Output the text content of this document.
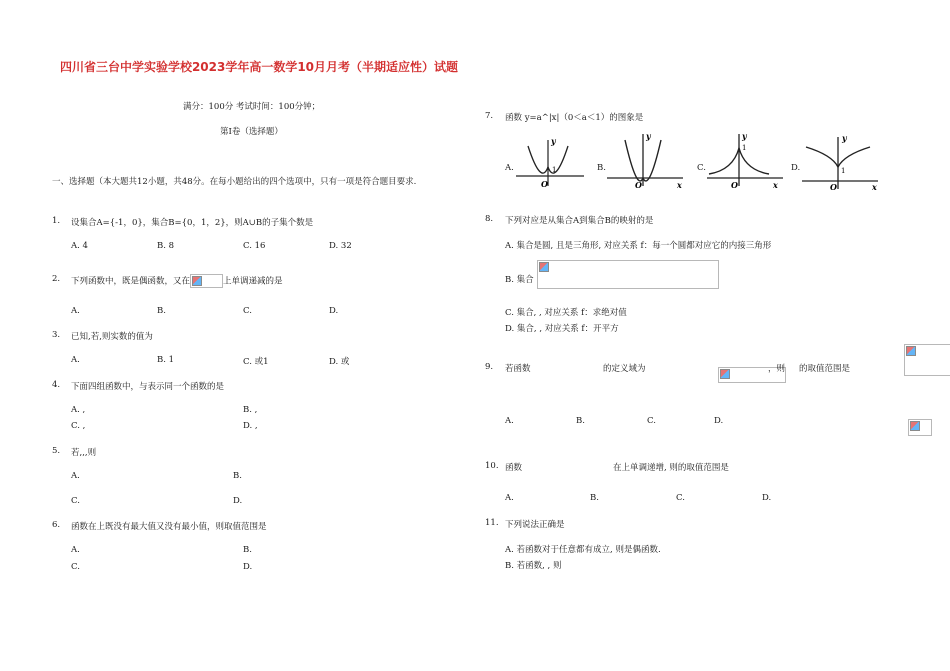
四川省三台中学实验学校2023学年高一数学10月月考（半期适应性）试题
满分：100分 考试时间：100分钟；
第Ⅰ卷（选择题）
一、选择题（本大题共12小题，共48分。在每小题给出的四个选项中，只有一项是符合题目要求.
1. 设集合A={-1，0}，集合B={0，1，2}，则A∪B的子集个数是
A. 4	B. 8	C. 16	D. 32
2. 下列函数中，既是偶函数，又在	上单调递减的是
A.	B.	C.	D.
3. 已知,若,则实数的值为
A.	B. 1	C. 或1	D. 或
4. 下面四组函数中，与表示同一个函数的是
A. ,	B. ,
C. ,	D. ,
5. 若,,,则
A.	B.
C.	D.
6. 函数在上既没有最大值又没有最小值，则取值范围是
A.	B.
C.	D.
7. 函数 y=a^|x|（0＜a＜1）的图象是
A.
y
O
1	B.
y
O	x
C.
y
1
O	x
D.
y
1
O	x
8. 下列对应是从集合A到集合B的映射的是
A. 集合是圆, 且是三角形, 对应关系 f：每一个圆都对应它的内接三角形
B. 集合

C. 集合, , 对应关系 f：求绝对值
D. 集合, , 对应关系 f：开平方
9. 若函数
	的定义域为
	，则
的取值范围是
A.
	B.
	C.
	D.

10. 函数	在上单调递增, 则的取值范围是
A.	B.	C.	D.
11. 下列说法正确是
A. 若函数对于任意都有成立, 则是偶函数.
B. 若函数, , 则
